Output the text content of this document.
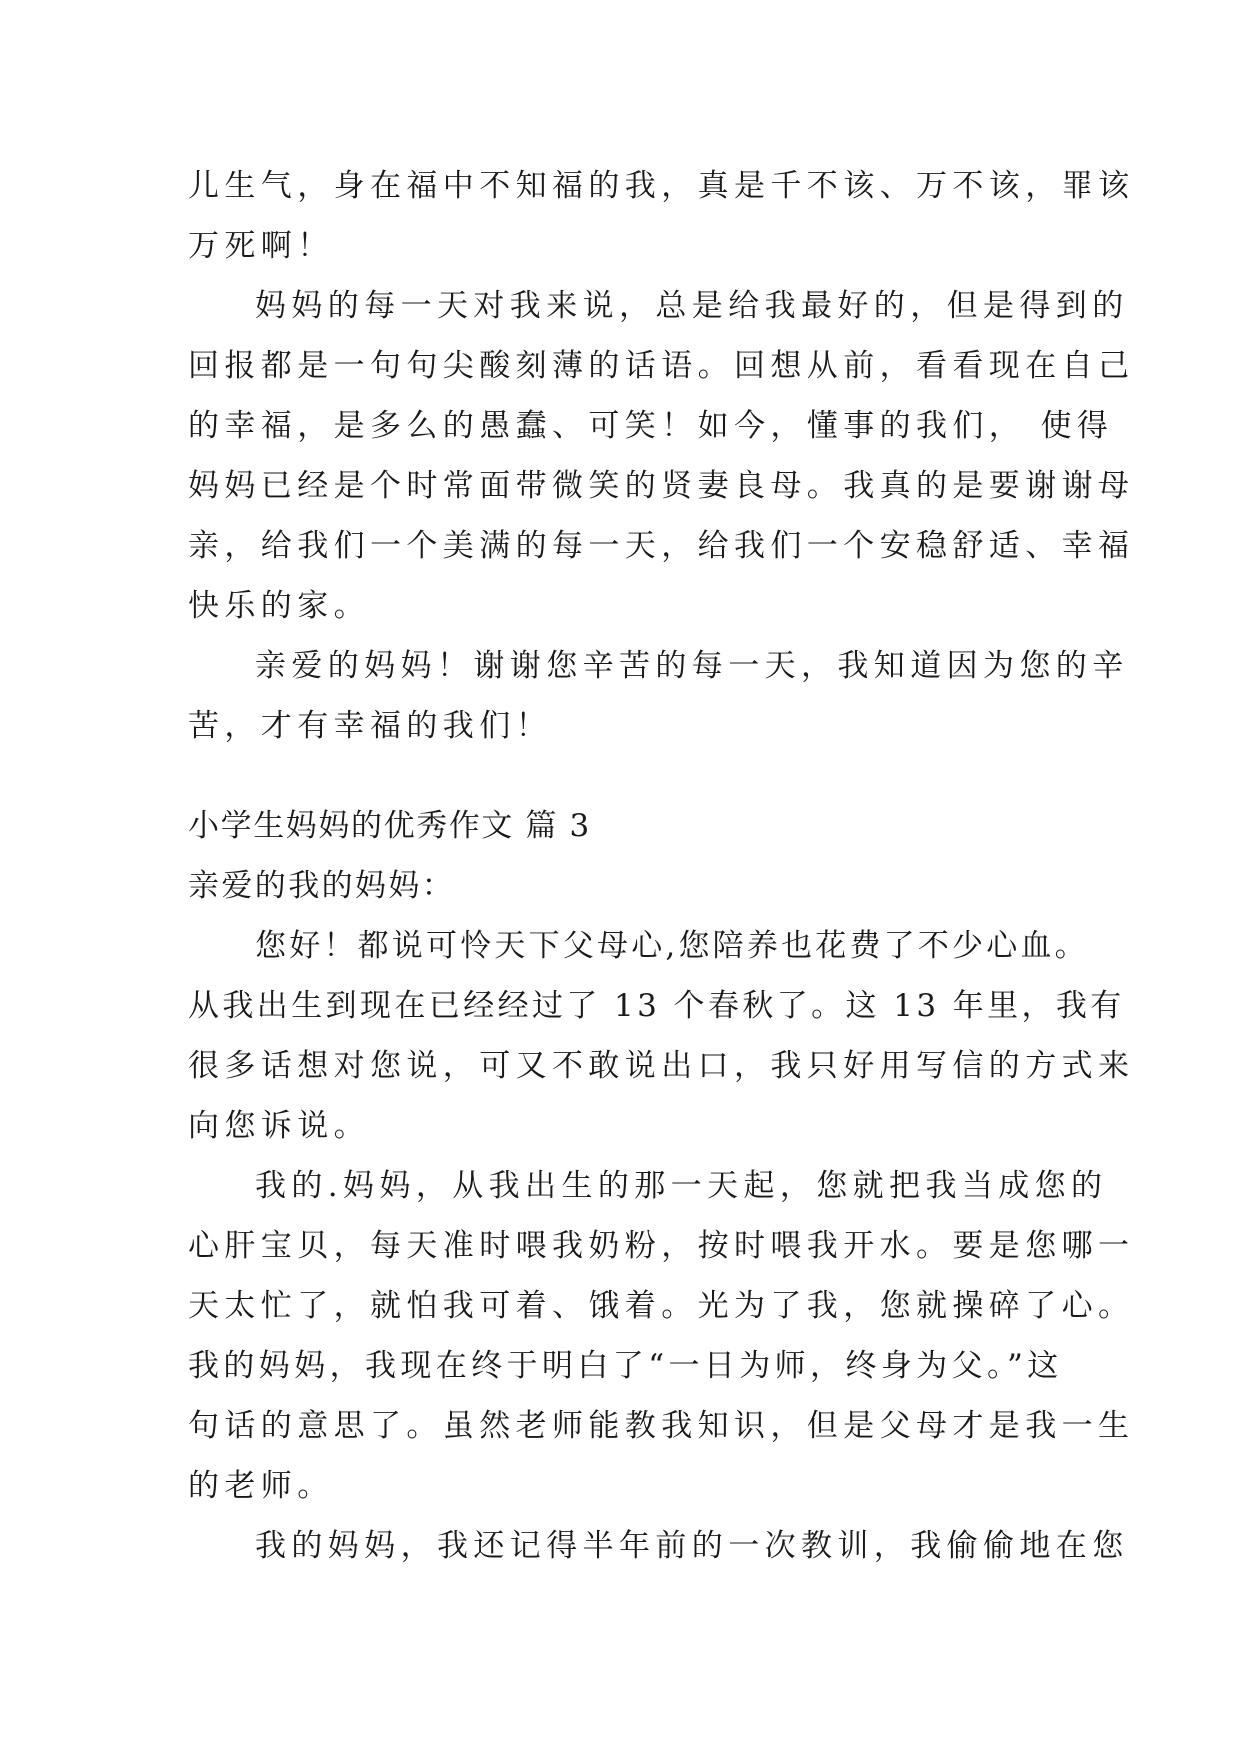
儿生气，身在福中不知福的我，真是千不该、万不该，罪该
万死啊！
妈妈的每一天对我来说，总是给我最好的，但是得到的
回报都是一句句尖酸刻薄的话语。回想从前，看看现在自己
的幸福，是多么的愚蠢、可笑！如今，懂事的我们， 使得
妈妈已经是个时常面带微笑的贤妻良母。我真的是要谢谢母
亲，给我们一个美满的每一天，给我们一个安稳舒适、幸福
快乐的家。
亲爱的妈妈！谢谢您辛苦的每一天，我知道因为您的辛
苦，才有幸福的我们！
小学生妈妈的优秀作文 篇 3
亲爱的我的妈妈：
您好！都说可怜天下父母心,您陪养也花费了不少心血。
从我出生到现在已经经过了 13 个春秋了。这 13 年里，我有
很多话想对您说，可又不敢说出口，我只好用写信的方式来
向您诉说。
我的.妈妈，从我出生的那一天起，您就把我当成您的
心肝宝贝，每天准时喂我奶粉，按时喂我开水。要是您哪一
天太忙了，就怕我可着、饿着。光为了我，您就操碎了心。
我的妈妈，我现在终于明白了“一日为师，终身为父。”这
句话的意思了。虽然老师能教我知识，但是父母才是我一生
的老师。
我的妈妈，我还记得半年前的一次教训，我偷偷地在您
